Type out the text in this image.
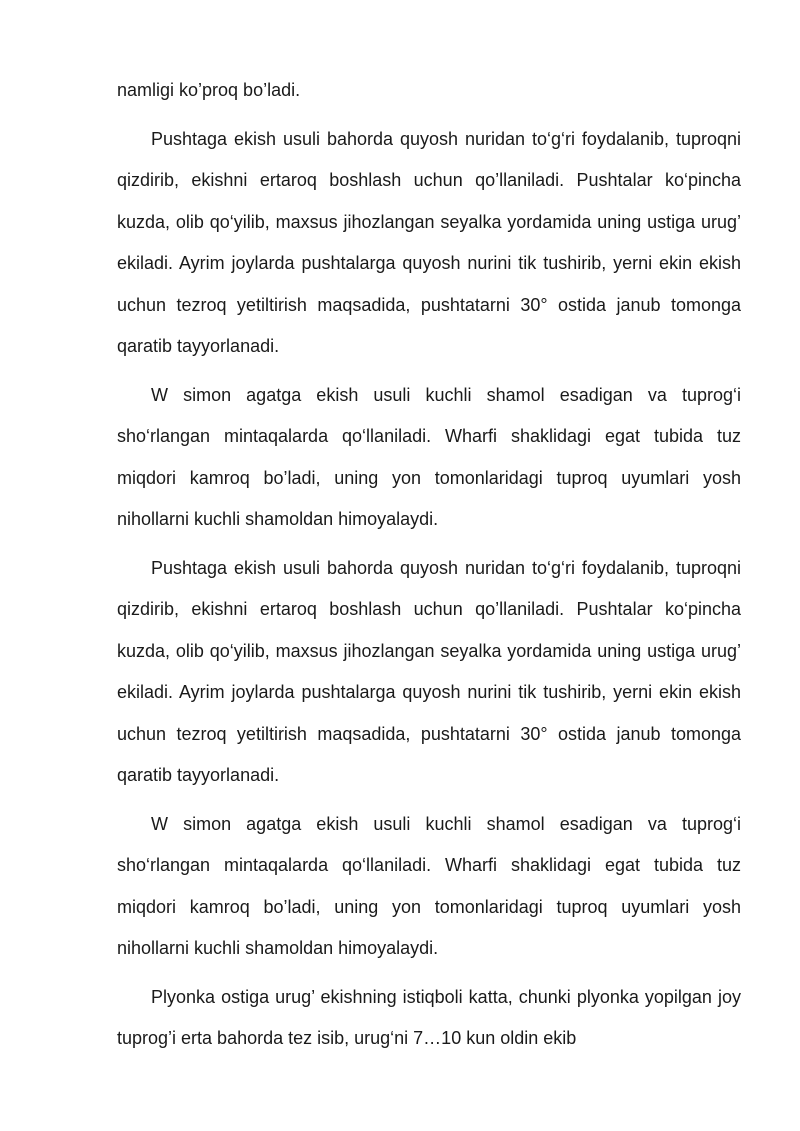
namligi ko’proq bo’ladi.

Pushtaga ekish usuli bahorda quyosh nuridan to‘g‘ri foydalanib, tuproqni qizdirib, ekishni ertaroq boshlash uchun qo’llaniladi. Pushtalar ko‘pincha kuzda, olib qo‘yilib, maxsus jihozlangan seyalka yordamida uning ustiga urug’ ekiladi. Ayrim joylarda pushtalarga quyosh nurini tik tushirib, yerni ekin ekish uchun tezroq yetiltirish maqsadida, pushtatarni 30° ostida janub tomonga qaratib tayyorlanadi.

W simon agatga ekish usuli kuchli shamol esadigan va tuprog‘i sho‘rlangan mintaqalarda qo‘llaniladi. Wharfi shaklidagi egat tubida tuz miqdori kamroq bo’ladi, uning yon tomonlaridagi tuproq uyumlari yosh nihollarni kuchli shamoldan himoyalaydi.

Pushtaga ekish usuli bahorda quyosh nuridan to‘g‘ri foydalanib, tuproqni qizdirib, ekishni ertaroq boshlash uchun qo’llaniladi. Pushtalar ko‘pincha kuzda, olib qo‘yilib, maxsus jihozlangan seyalka yordamida uning ustiga urug’ ekiladi. Ayrim joylarda pushtalarga quyosh nurini tik tushirib, yerni ekin ekish uchun tezroq yetiltirish maqsadida, pushtatarni 30° ostida janub tomonga qaratib tayyorlanadi.

W simon agatga ekish usuli kuchli shamol esadigan va tuprog‘i sho‘rlangan mintaqalarda qo‘llaniladi. Wharfi shaklidagi egat tubida tuz miqdori kamroq bo’ladi, uning yon tomonlaridagi tuproq uyumlari yosh nihollarni kuchli shamoldan himoyalaydi.

Plyonka ostiga urug’ ekishning istiqboli katta, chunki plyonka yopilgan joy tuprog’i erta bahorda tez isib, urug‘ni 7…10 kun oldin ekib
